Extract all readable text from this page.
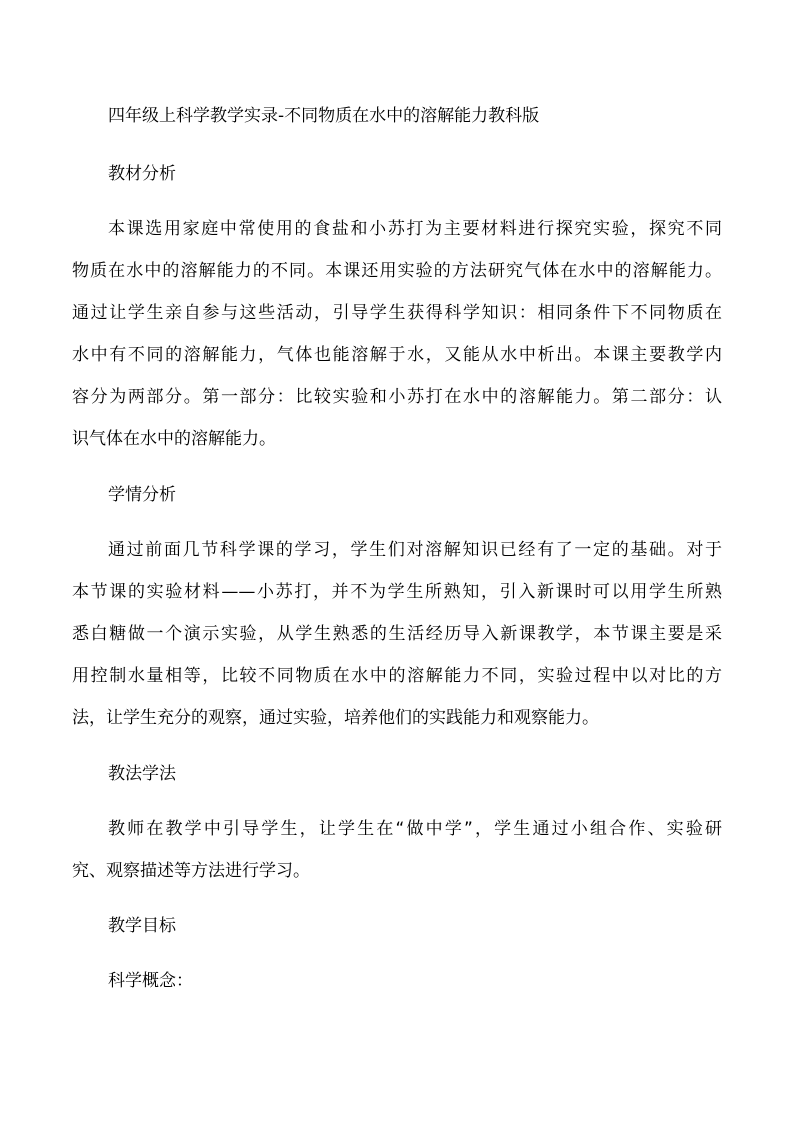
四年级上科学教学实录-不同物质在水中的溶解能力教科版
教材分析
本课选用家庭中常使用的食盐和小苏打为主要材料进行探究实验，探究不同
物质在水中的溶解能力的不同。本课还用实验的方法研究气体在水中的溶解能力。
通过让学生亲自参与这些活动，引导学生获得科学知识：相同条件下不同物质在
水中有不同的溶解能力，气体也能溶解于水，又能从水中析出。本课主要教学内
容分为两部分。第一部分：比较实验和小苏打在水中的溶解能力。第二部分：认
识气体在水中的溶解能力。
学情分析
通过前面几节科学课的学习，学生们对溶解知识已经有了一定的基础。对于
本节课的实验材料——小苏打，并不为学生所熟知，引入新课时可以用学生所熟
悉白糖做一个演示实验，从学生熟悉的生活经历导入新课教学，本节课主要是采
用控制水量相等，比较不同物质在水中的溶解能力不同，实验过程中以对比的方
法，让学生充分的观察，通过实验，培养他们的实践能力和观察能力。
教法学法
教师在教学中引导学生，让学生在“做中学”，学生通过小组合作、实验研
究、观察描述等方法进行学习。
教学目标
科学概念：
